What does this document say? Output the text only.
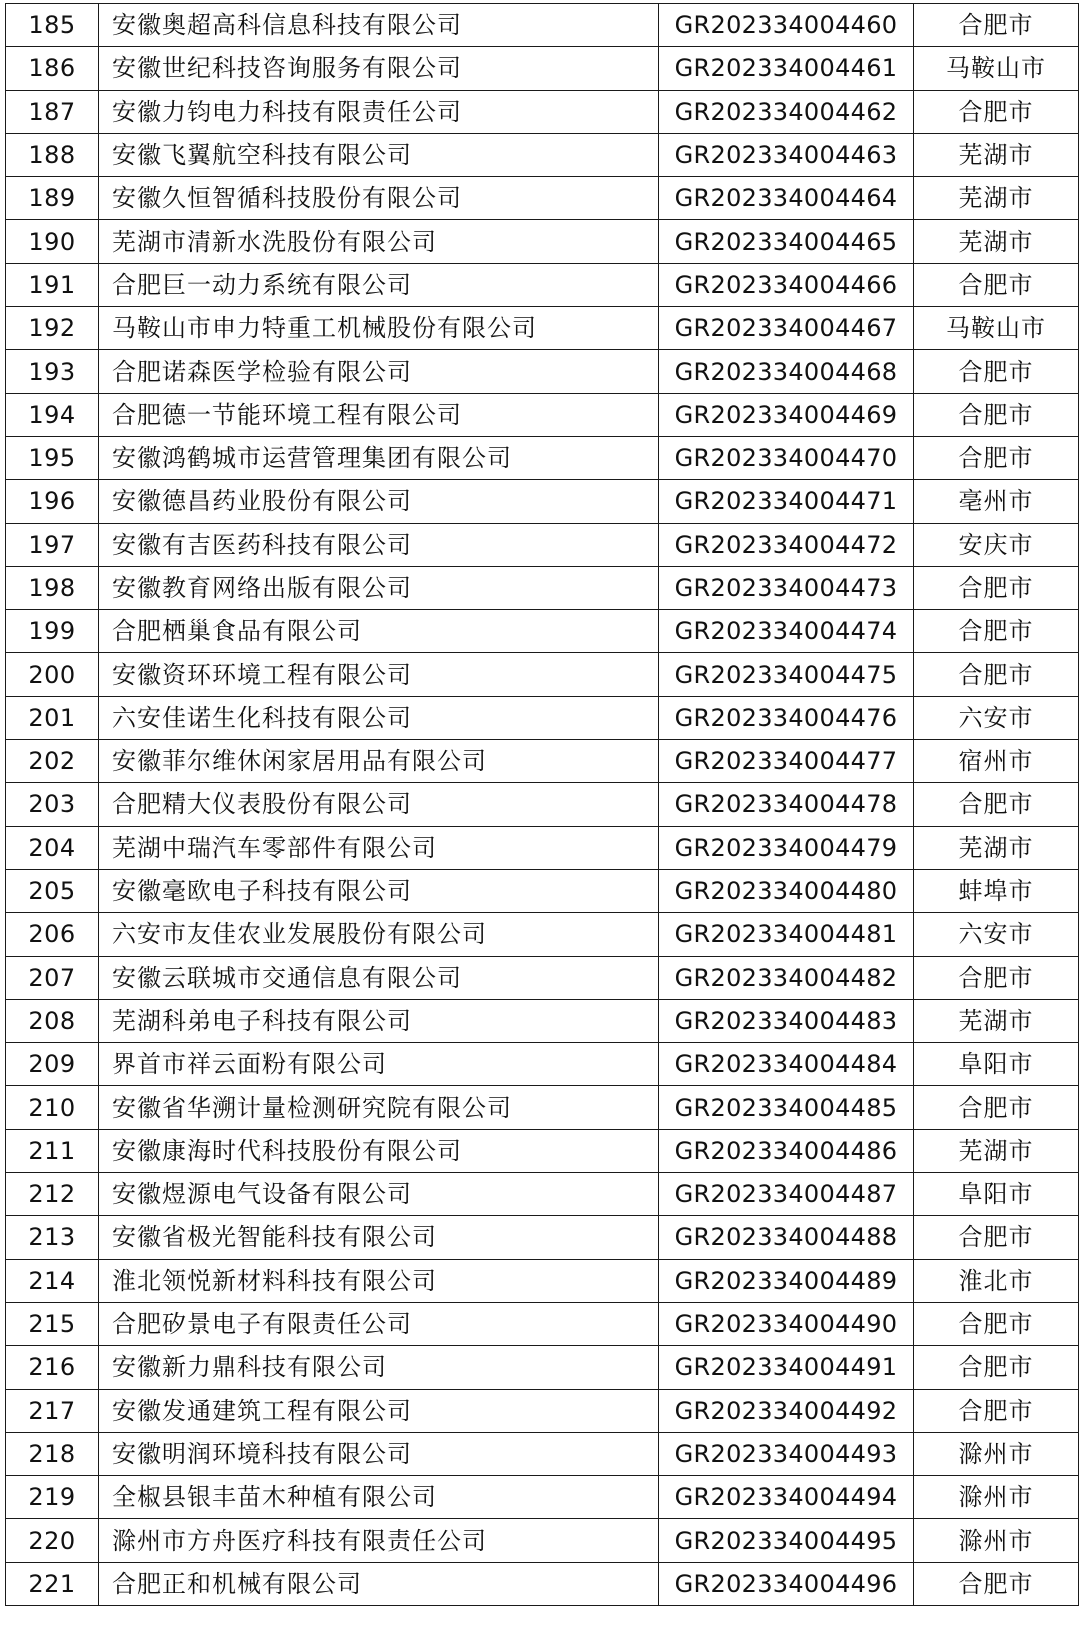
185	安徽奥超高科信息科技有限公司	GR202334004460	合肥市
186	安徽世纪科技咨询服务有限公司	GR202334004461	马鞍山市
187	安徽力钧电力科技有限责任公司	GR202334004462	合肥市
188	安徽飞翼航空科技有限公司	GR202334004463	芜湖市
189	安徽久恒智循科技股份有限公司	GR202334004464	芜湖市
190	芜湖市清新水洗股份有限公司	GR202334004465	芜湖市
191	合肥巨一动力系统有限公司	GR202334004466	合肥市
192	马鞍山市申力特重工机械股份有限公司	GR202334004467	马鞍山市
193	合肥诺森医学检验有限公司	GR202334004468	合肥市
194	合肥德一节能环境工程有限公司	GR202334004469	合肥市
195	安徽鸿鹤城市运营管理集团有限公司	GR202334004470	合肥市
196	安徽德昌药业股份有限公司	GR202334004471	亳州市
197	安徽有吉医药科技有限公司	GR202334004472	安庆市
198	安徽教育网络出版有限公司	GR202334004473	合肥市
199	合肥栖巢食品有限公司	GR202334004474	合肥市
200	安徽资环环境工程有限公司	GR202334004475	合肥市
201	六安佳诺生化科技有限公司	GR202334004476	六安市
202	安徽菲尔维休闲家居用品有限公司	GR202334004477	宿州市
203	合肥精大仪表股份有限公司	GR202334004478	合肥市
204	芜湖中瑞汽车零部件有限公司	GR202334004479	芜湖市
205	安徽毫欧电子科技有限公司	GR202334004480	蚌埠市
206	六安市友佳农业发展股份有限公司	GR202334004481	六安市
207	安徽云联城市交通信息有限公司	GR202334004482	合肥市
208	芜湖科弟电子科技有限公司	GR202334004483	芜湖市
209	界首市祥云面粉有限公司	GR202334004484	阜阳市
210	安徽省华溯计量检测研究院有限公司	GR202334004485	合肥市
211	安徽康海时代科技股份有限公司	GR202334004486	芜湖市
212	安徽煜源电气设备有限公司	GR202334004487	阜阳市
213	安徽省极光智能科技有限公司	GR202334004488	合肥市
214	淮北领悦新材料科技有限公司	GR202334004489	淮北市
215	合肥矽景电子有限责任公司	GR202334004490	合肥市
216	安徽新力鼎科技有限公司	GR202334004491	合肥市
217	安徽发通建筑工程有限公司	GR202334004492	合肥市
218	安徽明润环境科技有限公司	GR202334004493	滁州市
219	全椒县银丰苗木种植有限公司	GR202334004494	滁州市
220	滁州市方舟医疗科技有限责任公司	GR202334004495	滁州市
221	合肥正和机械有限公司	GR202334004496	合肥市
